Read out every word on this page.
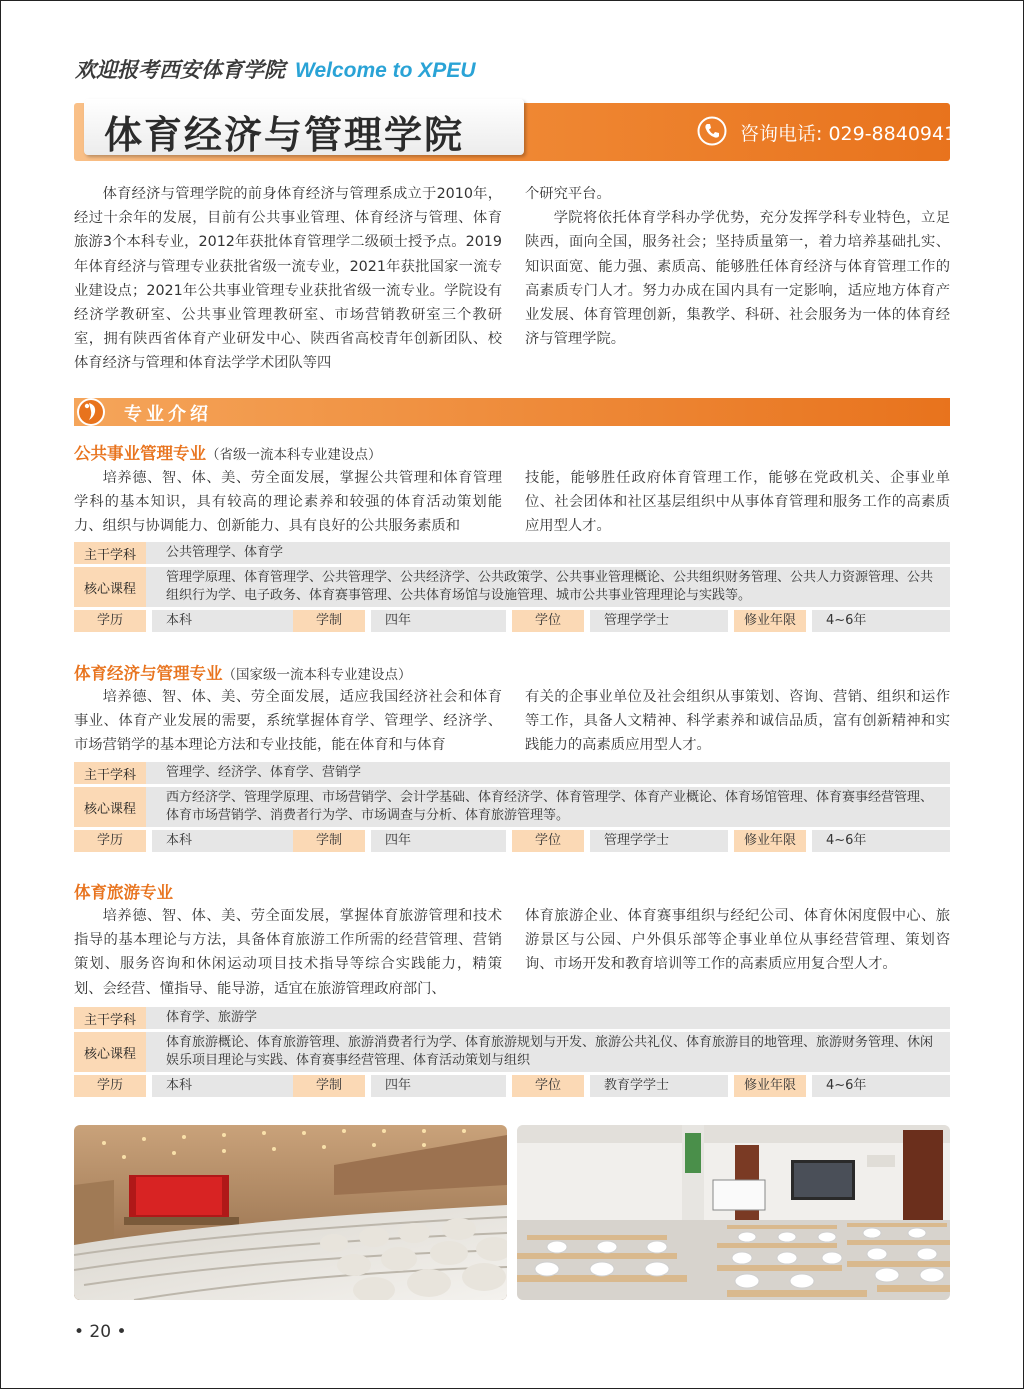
欢迎报考西安体育学院 Welcome to XPEU
体育经济与管理学院	咨询电话: 029-88409418

体育经济与管理学院的前身体育经济与管理系成立于2010年，经过十余年的发展，目前有公共事业管理、体育经济与管理、体育旅游3个本科专业，2012年获批体育管理学二级硕士授予点。2019年体育经济与管理专业获批省级一流专业，2021年获批国家一流专业建设点；2021年公共事业管理专业获批省级一流专业。学院设有经济学教研室、公共事业管理教研室、市场营销教研室三个教研室，拥有陕西省体育产业研发中心、陕西省高校青年创新团队、校体育经济与管理和体育法学学术团队等四

个研究平台。

学院将依托体育学科办学优势，充分发挥学科专业特色，立足陕西，面向全国，服务社会；坚持质量第一，着力培养基础扎实、知识面宽、能力强、素质高、能够胜任体育经济与体育管理工作的高素质专门人才。努力办成在国内具有一定影响，适应地方体育产业发展、体育管理创新，集教学、科研、社会服务为一体的体育经济与管理学院。

专业介绍
公共事业管理专业（省级一流本科专业建设点）

培养德、智、体、美、劳全面发展，掌握公共管理和体育管理学科的基本知识，具有较高的理论素养和较强的体育活动策划能力、组织与协调能力、创新能力、具有良好的公共服务素质和

技能，能够胜任政府体育管理工作，能够在党政机关、企事业单位、社会团体和社区基层组织中从事体育管理和服务工作的高素质应用型人才。

主干学科	公共管理学、体育学
核心课程
管理学原理、体育管理学、公共管理学、公共经济学、公共政策学、公共事业管理概论、公共组织财务管理、公共人力资源管理、公共组织行为学、电子政务、体育赛事管理、公共体育场馆与设施管理、城市公共事业管理理论与实践等。
学历	本科	学制	四年	学位	管理学学士	修业年限	4~6年
体育经济与管理专业（国家级一流本科专业建设点）

培养德、智、体、美、劳全面发展，适应我国经济社会和体育事业、体育产业发展的需要，系统掌握体育学、管理学、经济学、市场营销学的基本理论方法和专业技能，能在体育和与体育

有关的企事业单位及社会组织从事策划、咨询、营销、组织和运作等工作，具备人文精神、科学素养和诚信品质，富有创新精神和实践能力的高素质应用型人才。

主干学科	管理学、经济学、体育学、营销学
核心课程
西方经济学、管理学原理、市场营销学、会计学基础、体育经济学、体育管理学、体育产业概论、体育场馆管理、体育赛事经营管理、体育市场营销学、消费者行为学、市场调查与分析、体育旅游管理等。
学历	本科	学制	四年	学位	管理学学士	修业年限	4~6年
体育旅游专业

培养德、智、体、美、劳全面发展，掌握体育旅游管理和技术指导的基本理论与方法，具备体育旅游工作所需的经营管理、营销策划、服务咨询和休闲运动项目技术指导等综合实践能力，精策划、会经营、懂指导、能导游，适宜在旅游管理政府部门、

体育旅游企业、体育赛事组织与经纪公司、体育休闲度假中心、旅游景区与公园、户外俱乐部等企事业单位从事经营管理、策划咨询、市场开发和教育培训等工作的高素质应用复合型人才。

主干学科	体育学、旅游学
核心课程
体育旅游概论、体育旅游管理、旅游消费者行为学、体育旅游规划与开发、旅游公共礼仪、体育旅游目的地管理、旅游财务管理、休闲娱乐项目理论与实践、体育赛事经营管理、体育活动策划与组织
学历	本科	学制	四年	学位	教育学学士	修业年限	4~6年
• 20 •
